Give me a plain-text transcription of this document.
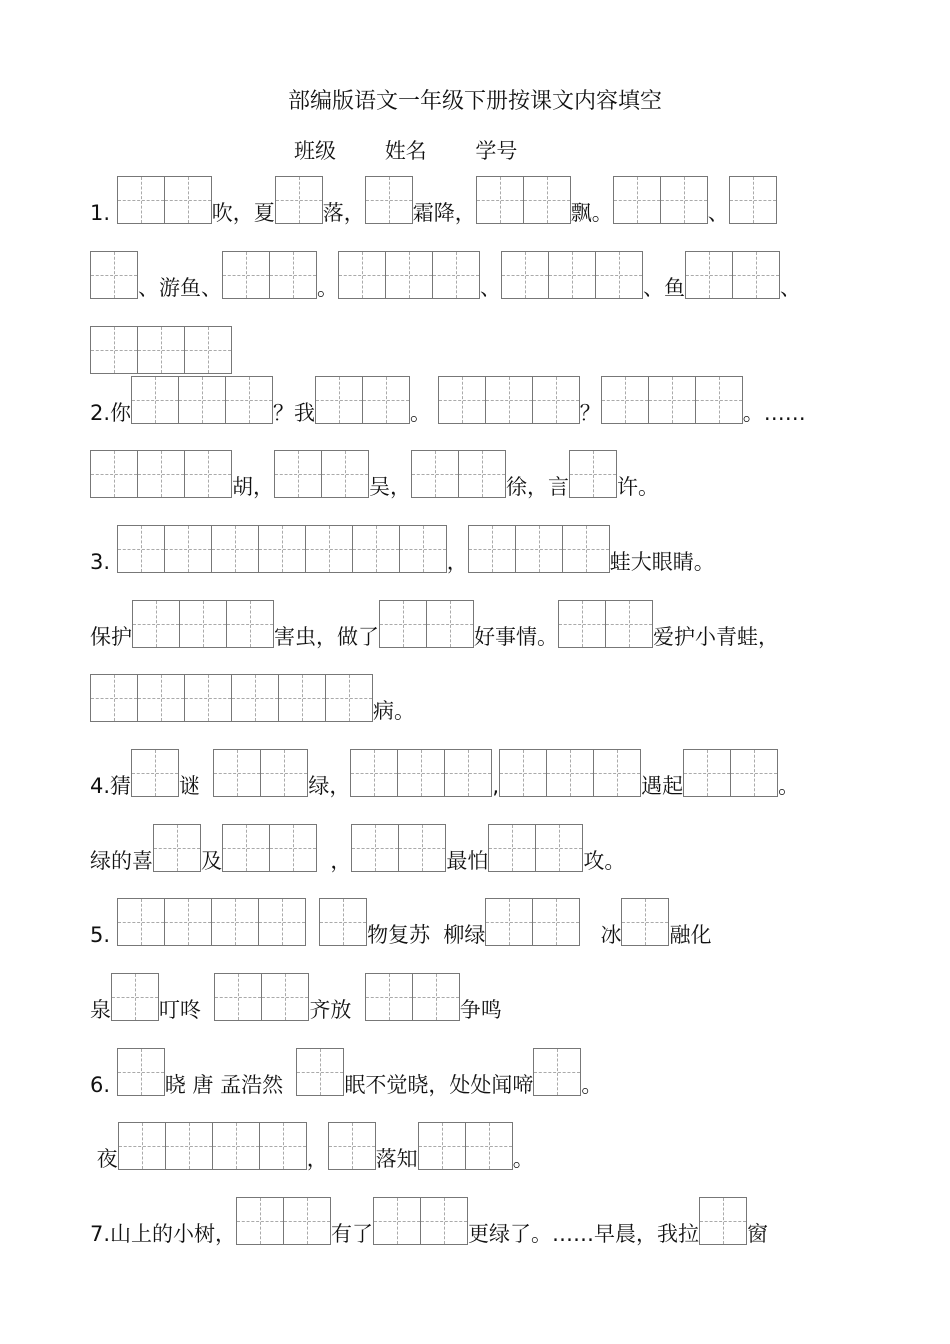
部编版语文一年级下册按课文内容填空
班级 姓名 学号
1.	吹，夏 落， 霜降，	飘。	、
、游鱼、	。	、	、鱼	、
2.你	？我	。	？	。……
胡，	吴，	徐，言 许。
3.	，	蛙大眼睛。
保护	害虫，做了	好事情。	爱护小青蛙，
病。
4.猜 谜	绿，	,	遇起	。
绿的喜 及	，	最怕	攻。
5.
	物复苏  柳绿	冰 融化
泉 叮咚	齐放	争鸣
6. 晓 唐 孟浩然 眠不觉晓，处处闻啼 。
夜	， 落知	。
7.山上的小树，	有了	更绿了。……早晨，我拉 窗
